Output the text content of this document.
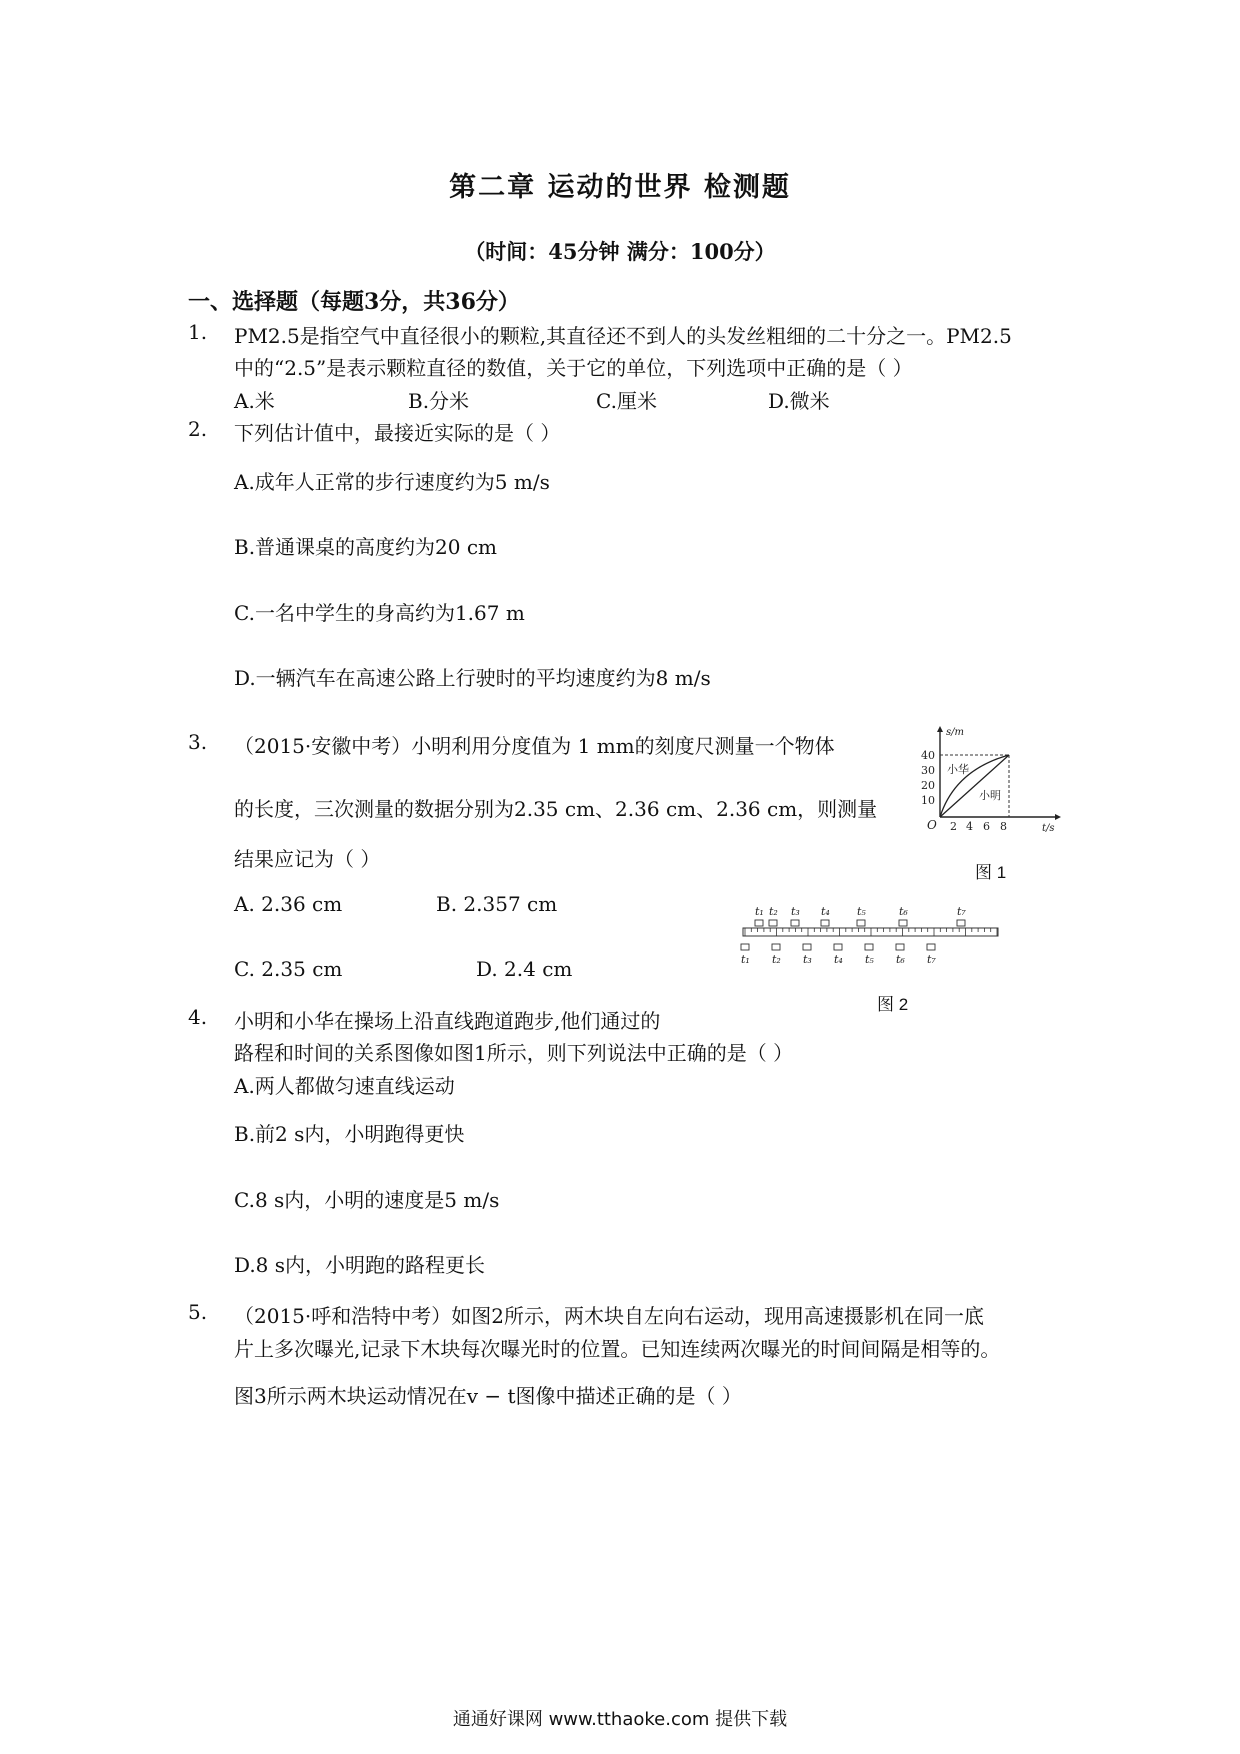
第二章 运动的世界 检测题
（时间：45分钟 满分：100分）
一、选择题（每题3分，共36分）
1. PM2.5是指空气中直径很小的颗粒,其直径还不到人的头发丝粗细的二十分之一。PM2.5
中的“2.5”是表示颗粒直径的数值，关于它的单位，下列选项中正确的是（ ）
A.米	B.分米	C.厘米	D.微米
2. 下列估计值中，最接近实际的是（ ）
A.成年人正常的步行速度约为5 m/s
B.普通课桌的高度约为20 cm
C.一名中学生的身高约为1.67 m
D.一辆汽车在高速公路上行驶时的平均速度约为8 m/s
3. （2015·安徽中考）小明利用分度值为 1 mm的刻度尺测量一个物体
的长度，三次测量的数据分别为2.35 cm、2.36 cm、2.36 cm，则测量
结果应记为（ ）
A. 2.36 cm	B. 2.357 cm
C. 2.35 cm	D. 2.4 cm
s/m
t/s
O
40
30
20
10
2 4 6 8
小华
小明
图 1
t₁ t₂ t₃ t₄ t₅	t₆	t₇
t₁ t₂ t₃ t₄ t₅ t₆ t₇
图 2
4. 小明和小华在操场上沿直线跑道跑步,他们通过的
路程和时间的关系图像如图1所示，则下列说法中正确的是（ ）
A.两人都做匀速直线运动
B.前2 s内，小明跑得更快
C.8 s内，小明的速度是5 m/s
D.8 s内，小明跑的路程更长
5. （2015·呼和浩特中考）如图2所示，两木块自左向右运动，现用高速摄影机在同一底
片上多次曝光,记录下木块每次曝光时的位置。已知连续两次曝光的时间间隔是相等的。
图3所示两木块运动情况在v − t图像中描述正确的是（ ）
通通好课网 www.tthaoke.com 提供下载
